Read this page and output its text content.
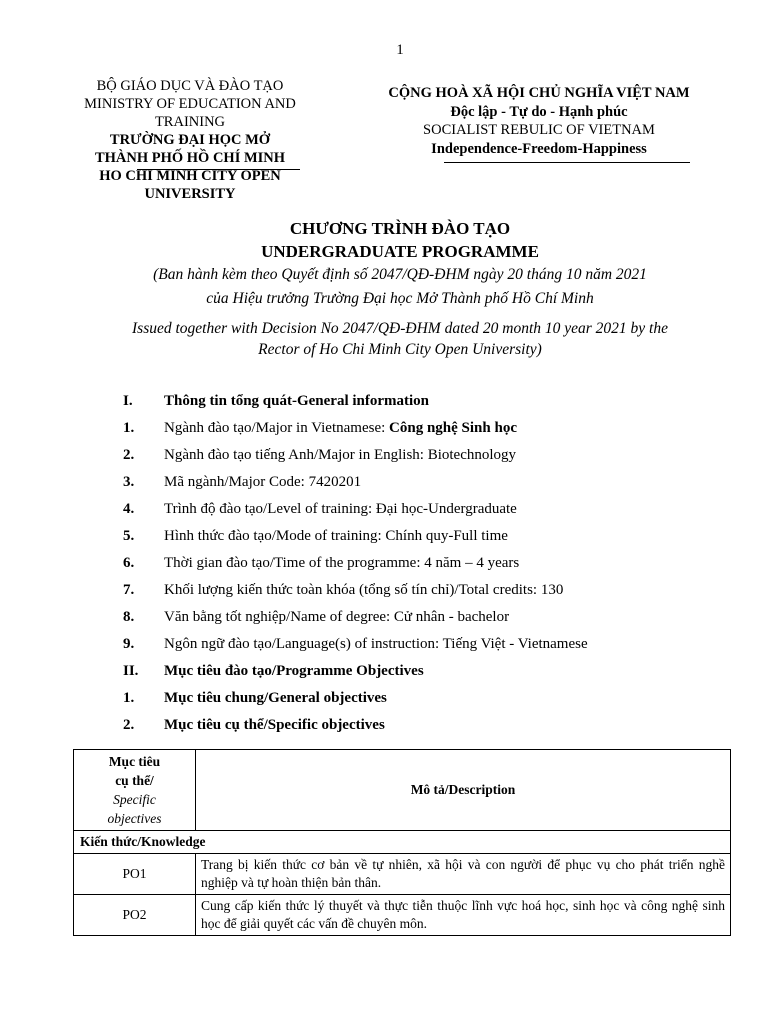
1
BỘ GIÁO DỤC VÀ ĐÀO TẠO
MINISTRY OF EDUCATION AND TRAINING
TRƯỜNG ĐẠI HỌC MỞ
THÀNH PHỐ HỒ CHÍ MINH
HO CHI MINH CITY OPEN UNIVERSITY
CỘNG HOÀ XÃ HỘI CHỦ NGHĨA VIỆT NAM
Độc lập - Tự do - Hạnh phúc
SOCIALIST REBULIC OF VIETNAM
Independence-Freedom-Happiness
CHƯƠNG TRÌNH ĐÀO TẠO
UNDERGRADUATE PROGRAMME
(Ban hành kèm theo Quyết định số 2047/QĐ-ĐHM ngày 20 tháng 10 năm 2021
của Hiệu trưởng Trường Đại học Mở Thành phố Hồ Chí Minh
Issued together with Decision No 2047/QĐ-ĐHM dated 20 month 10 year 2021 by the
Rector of Ho Chi Minh City Open University)
I. Thông tin tổng quát-General information
1. Ngành đào tạo/Major in Vietnamese: Công nghệ Sinh học
2. Ngành đào tạo tiếng Anh/Major in English: Biotechnology
3. Mã ngành/Major Code: 7420201
4. Trình độ đào tạo/Level of training: Đại học-Undergraduate
5. Hình thức đào tạo/Mode of training: Chính quy-Full time
6. Thời gian đào tạo/Time of the programme: 4 năm – 4 years
7. Khối lượng kiến thức toàn khóa (tổng số tín chỉ)/Total credits: 130
8. Văn bằng tốt nghiệp/Name of degree: Cử nhân - bachelor
9. Ngôn ngữ đào tạo/Language(s) of instruction: Tiếng Việt - Vietnamese
II. Mục tiêu đào tạo/Programme Objectives
1. Mục tiêu chung/General objectives
2. Mục tiêu cụ thể/Specific objectives
Mục tiêu
cụ thể/
Specific
objectives	Mô tả/Description
Kiến thức/Knowledge	
PO1	Trang bị kiến thức cơ bản về tự nhiên, xã hội và con người để phục vụ cho phát triển nghề nghiệp và tự hoàn thiện bản thân.
PO2	Cung cấp kiến thức lý thuyết và thực tiễn thuộc lĩnh vực hoá học, sinh học và công nghệ sinh học để giải quyết các vấn đề chuyên môn.
